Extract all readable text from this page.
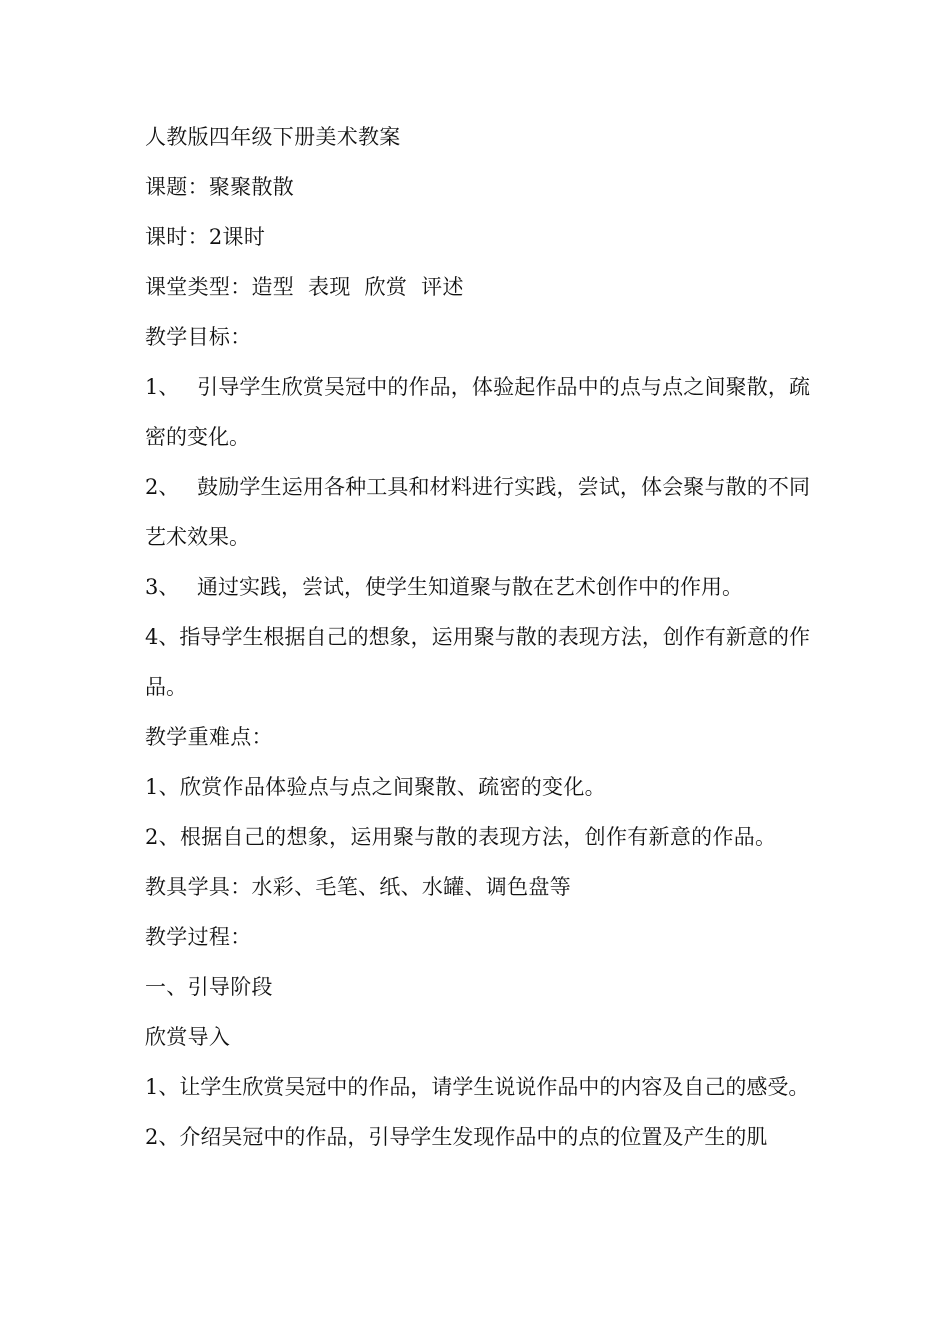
人教版四年级下册美术教案
课题：聚聚散散
课时：2课时
课堂类型：造型  表现  欣赏  评述
教学目标：
1、 引导学生欣赏吴冠中的作品，体验起作品中的点与点之间聚散，疏密的变化。
2、 鼓励学生运用各种工具和材料进行实践，尝试，体会聚与散的不同艺术效果。
3、 通过实践，尝试，使学生知道聚与散在艺术创作中的作用。
4、指导学生根据自己的想象，运用聚与散的表现方法，创作有新意的作品。
教学重难点：
1、欣赏作品体验点与点之间聚散、疏密的变化。
2、根据自己的想象，运用聚与散的表现方法，创作有新意的作品。
教具学具：水彩、毛笔、纸、水罐、调色盘等
教学过程：
一、引导阶段
欣赏导入
1、让学生欣赏吴冠中的作品，请学生说说作品中的内容及自己的感受。
2、介绍吴冠中的作品，引导学生发现作品中的点的位置及产生的肌
